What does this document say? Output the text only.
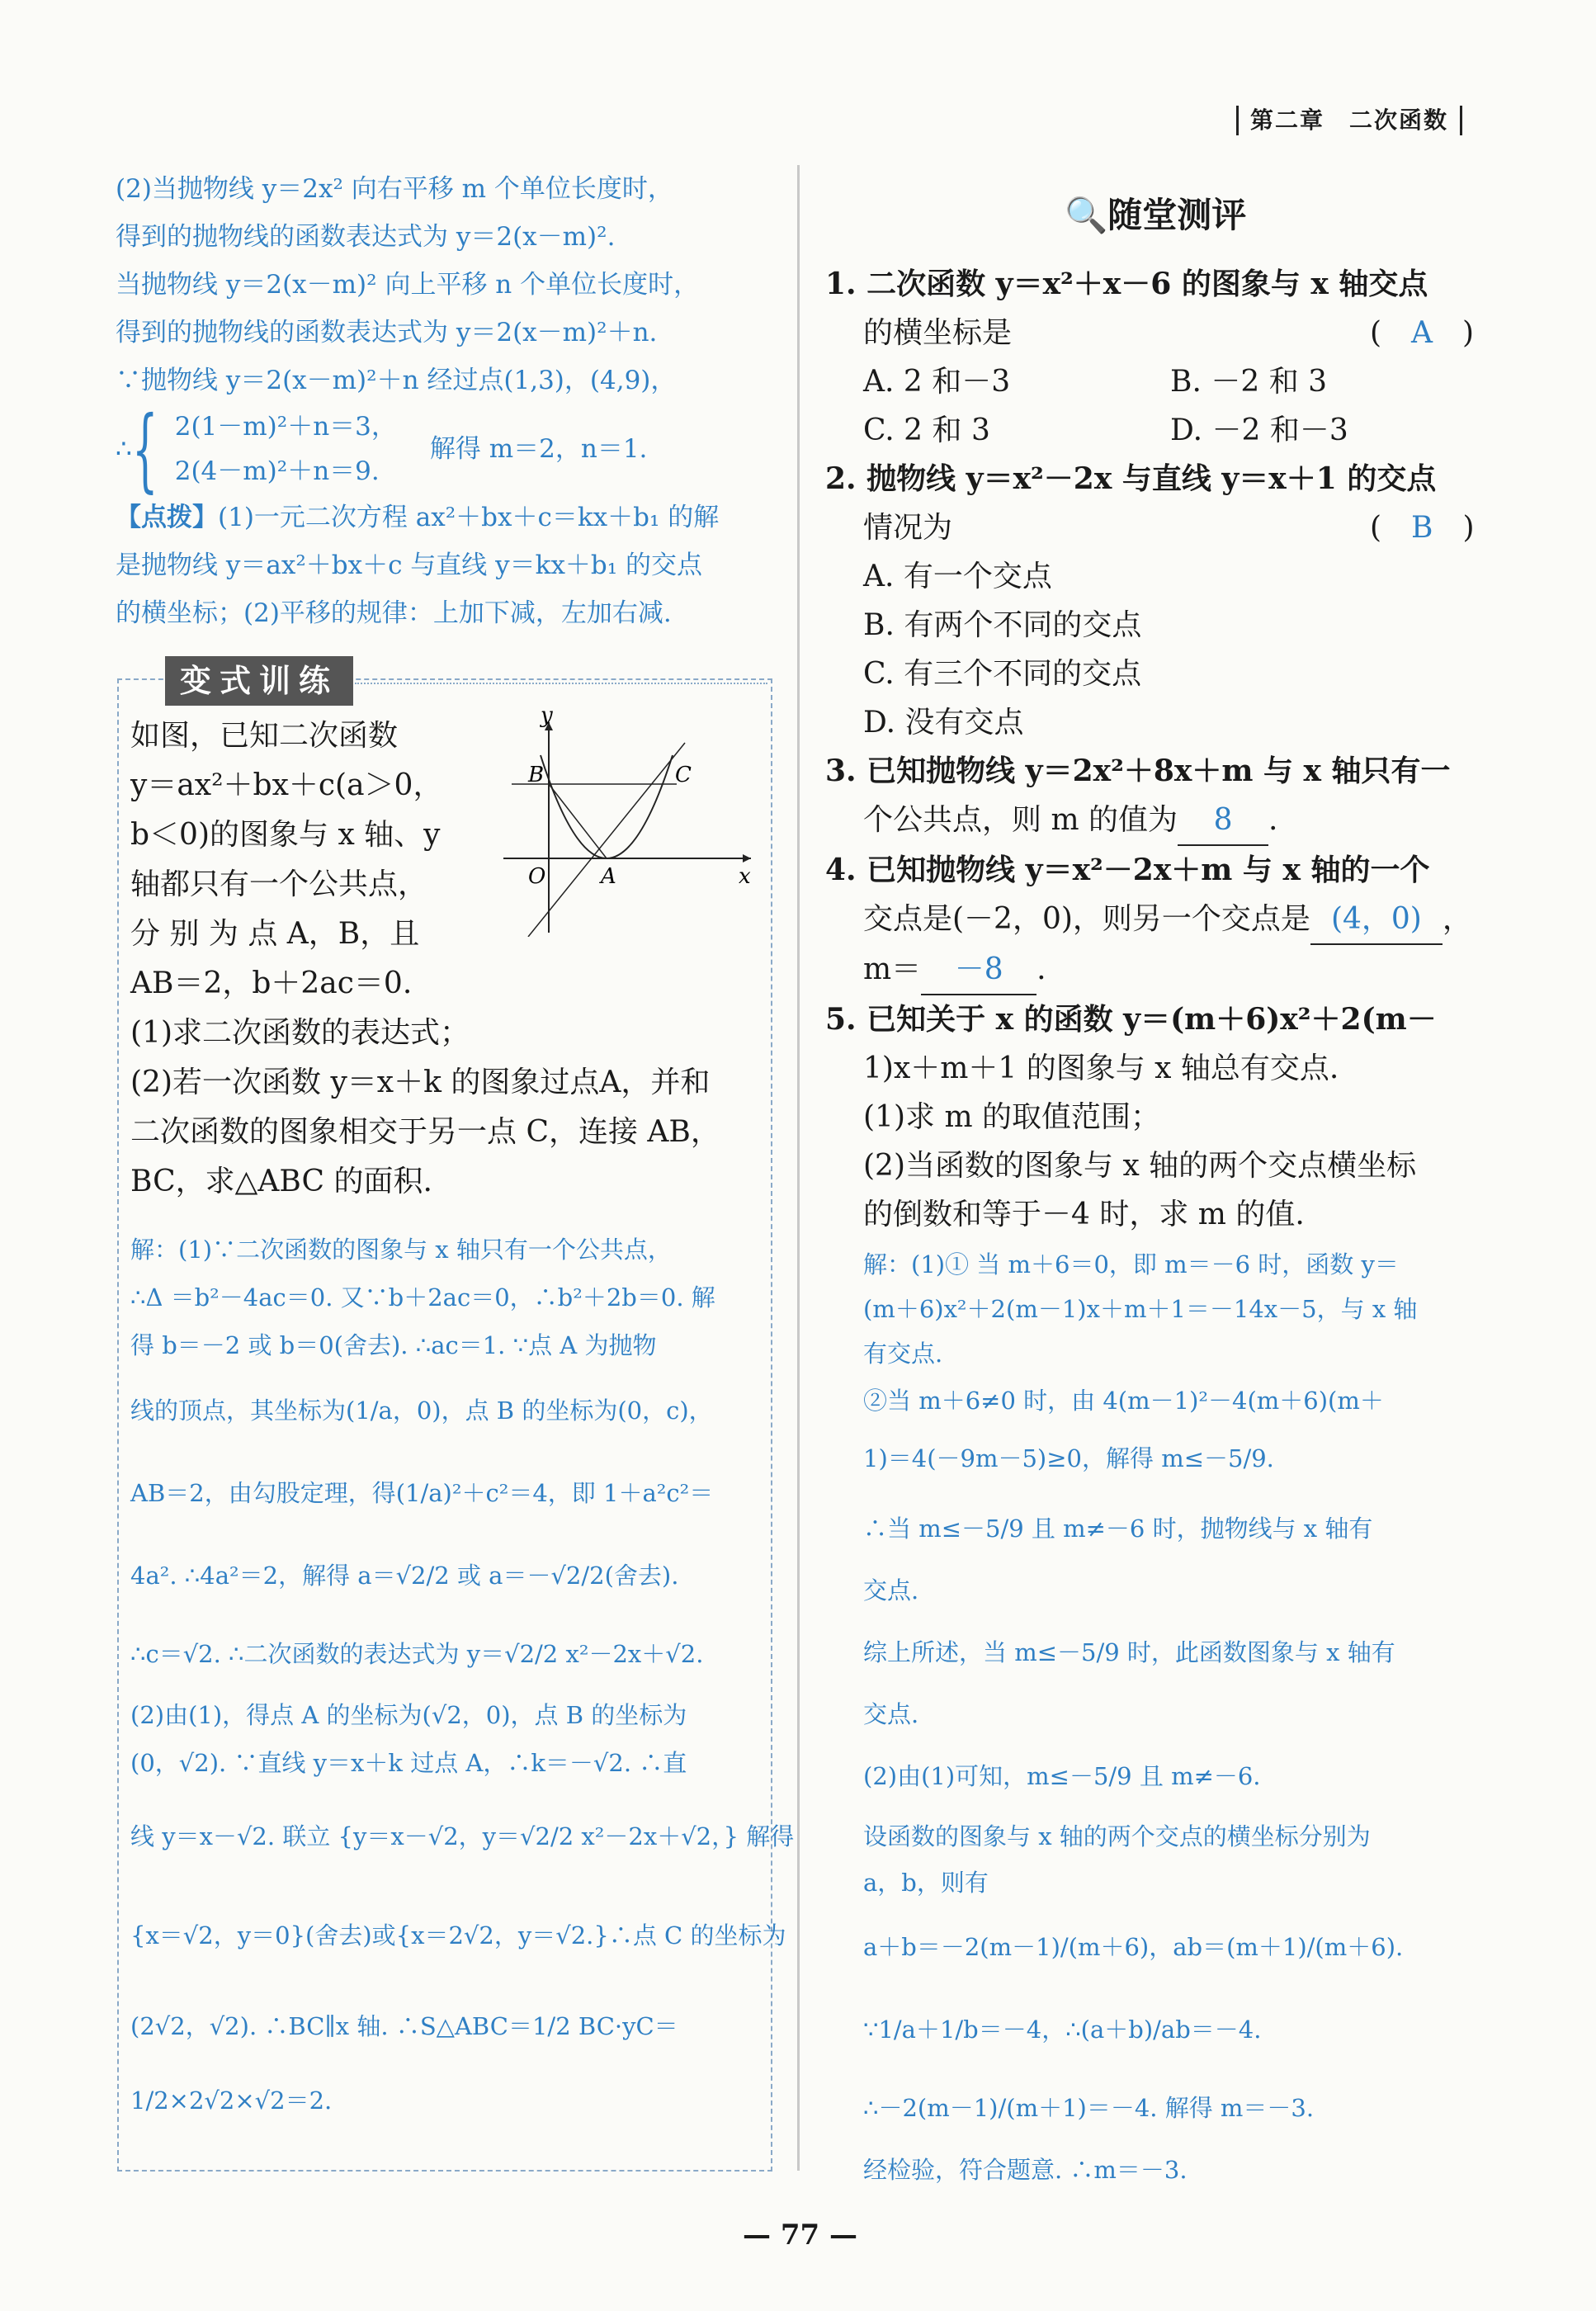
第二章　二次函数

(2)当抛物线 y＝2x² 向右平移 m 个单位长度时，

得到的抛物线的函数表达式为 y＝2(x－m)².

当抛物线 y＝2(x－m)² 向上平移 n 个单位长度时，

得到的抛物线的函数表达式为 y＝2(x－m)²＋n.

∵抛物线 y＝2(x－m)²＋n 经过点(1,3)，(4,9)，

∴ { 2(1－m)²＋n＝3，

2(4－m)²＋n＝9.

解得 m＝2，n＝1.

【点拨】(1)一元二次方程 ax²＋bx＋c＝kx＋b₁ 的解

是抛物线 y＝ax²＋bx＋c 与直线 y＝kx＋b₁ 的交点

的横坐标；(2)平移的规律：上加下减，左加右减.

变式训练

如图，已知二次函数

y＝ax²＋bx＋c(a＞0，

b＜0)的图象与 x 轴、y

轴都只有一个公共点，

分 别 为 点 A，B，且

AB＝2，b＋2ac＝0.

(1)求二次函数的表达式；

(2)若一次函数 y＝x＋k 的图象过点A，并和

二次函数的图象相交于另一点 C，连接 AB，

BC，求△ABC 的面积.

y
x
O	A
B	C

解：(1)∵二次函数的图象与 x 轴只有一个公共点，

∴Δ ＝b²－4ac＝0. 又∵b＋2ac＝0，∴b²＋2b＝0. 解

得 b＝－2 或 b＝0(舍去). ∴ac＝1. ∵点 A 为抛物

线的顶点，其坐标为(1/a，0)，点 B 的坐标为(0，c)，

AB＝2，由勾股定理，得(1/a)²＋c²＝4，即 1＋a²c²＝

4a². ∴4a²＝2，解得 a＝√2/2 或 a＝－√2/2(舍去).

∴c＝√2. ∴二次函数的表达式为 y＝√2/2 x²－2x＋√2.

(2)由(1)，得点 A 的坐标为(√2，0)，点 B 的坐标为

(0，√2). ∵直线 y＝x＋k 过点 A，∴k＝－√2. ∴直

线 y＝x－√2. 联立 {y＝x－√2，y＝√2/2 x²－2x＋√2，} 解得

{x＝√2，y＝0}(舍去)或{x＝2√2，y＝√2.}∴点 C 的坐标为

(2√2，√2). ∴BC∥x 轴. ∴S△ABC＝1/2 BC·yC＝

1/2×2√2×√2＝2.

🔍随堂测评

1. 二次函数 y＝x²＋x－6 的图象与 x 轴交点

的横坐标是	(　A　)

A. 2 和－3	B. －2 和 3

C. 2 和 3	D. －2 和－3

2. 抛物线 y＝x²－2x 与直线 y＝x＋1 的交点

情况为	(　B　)

A. 有一个交点

B. 有两个不同的交点

C. 有三个不同的交点

D. 没有交点

3. 已知抛物线 y＝2x²＋8x＋m 与 x 轴只有一

个公共点，则 m 的值为 8 .

4. 已知抛物线 y＝x²－2x＋m 与 x 轴的一个

交点是(－2，0)，则另一个交点是 (4，0) ，

m＝ －8 .

5. 已知关于 x 的函数 y＝(m＋6)x²＋2(m－

1)x＋m＋1 的图象与 x 轴总有交点.

(1)求 m 的取值范围；

(2)当函数的图象与 x 轴的两个交点横坐标

的倒数和等于－4 时，求 m 的值.

解：(1)① 当 m＋6＝0，即 m＝－6 时，函数 y＝

(m＋6)x²＋2(m－1)x＋m＋1＝－14x－5，与 x 轴

有交点.

②当 m＋6≠0 时，由 4(m－1)²－4(m＋6)(m＋

1)＝4(－9m－5)≥0，解得 m≤－5/9.

∴当 m≤－5/9 且 m≠－6 时，抛物线与 x 轴有

交点.

综上所述，当 m≤－5/9 时，此函数图象与 x 轴有

交点.

(2)由(1)可知，m≤－5/9 且 m≠－6.

设函数的图象与 x 轴的两个交点的横坐标分别为

a，b，则有

a＋b＝－2(m－1)/(m＋6)，ab＝(m＋1)/(m＋6).

∵1/a＋1/b＝－4，∴(a＋b)/ab＝－4.

∴－2(m－1)/(m＋1)＝－4. 解得 m＝－3.

经检验，符合题意. ∴m＝－3.

— 77 —
